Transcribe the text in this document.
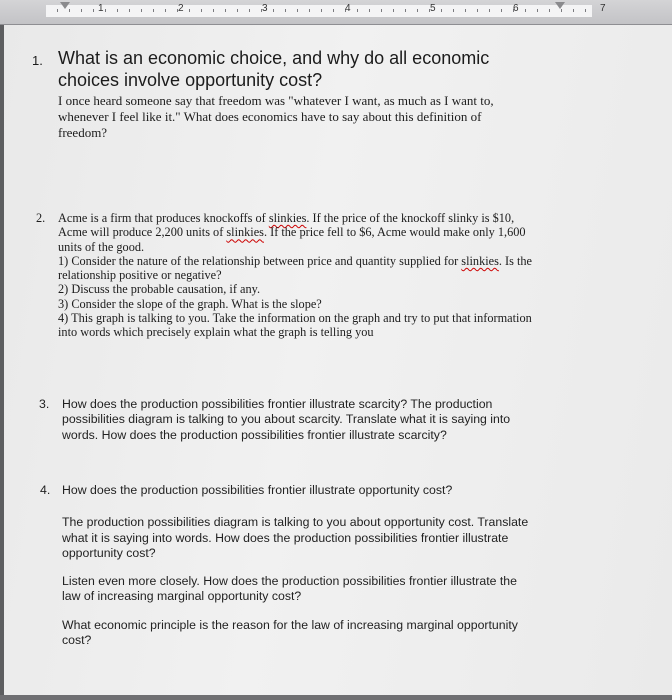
1	2	3	4	5	6	7
1. What is an economic choice, and why do all economic
choices involve opportunity cost?
I once heard someone say that freedom was "whatever I want, as much as I want to,
whenever I feel like it." What does economics have to say about this definition of
freedom?
2. Acme is a firm that produces knockoffs of slinkies. If the price of the knockoff slinky is $10,
Acme will produce 2,200 units of slinkies. If the price fell to $6, Acme would make only 1,600
units of the good.
1) Consider the nature of the relationship between price and quantity supplied for slinkies. Is the
relationship positive or negative?
2) Discuss the probable causation, if any.
3) Consider the slope of the graph. What is the slope?
4) This graph is talking to you. Take the information on the graph and try to put that information
into words which precisely explain what the graph is telling you
3. How does the production possibilities frontier illustrate scarcity? The production
possibilities diagram is talking to you about scarcity. Translate what it is saying into
words. How does the production possibilities frontier illustrate scarcity?
4. How does the production possibilities frontier illustrate opportunity cost?
The production possibilities diagram is talking to you about opportunity cost. Translate
what it is saying into words. How does the production possibilities frontier illustrate
opportunity cost?
Listen even more closely. How does the production possibilities frontier illustrate the
law of increasing marginal opportunity cost?
What economic principle is the reason for the law of increasing marginal opportunity
cost?
